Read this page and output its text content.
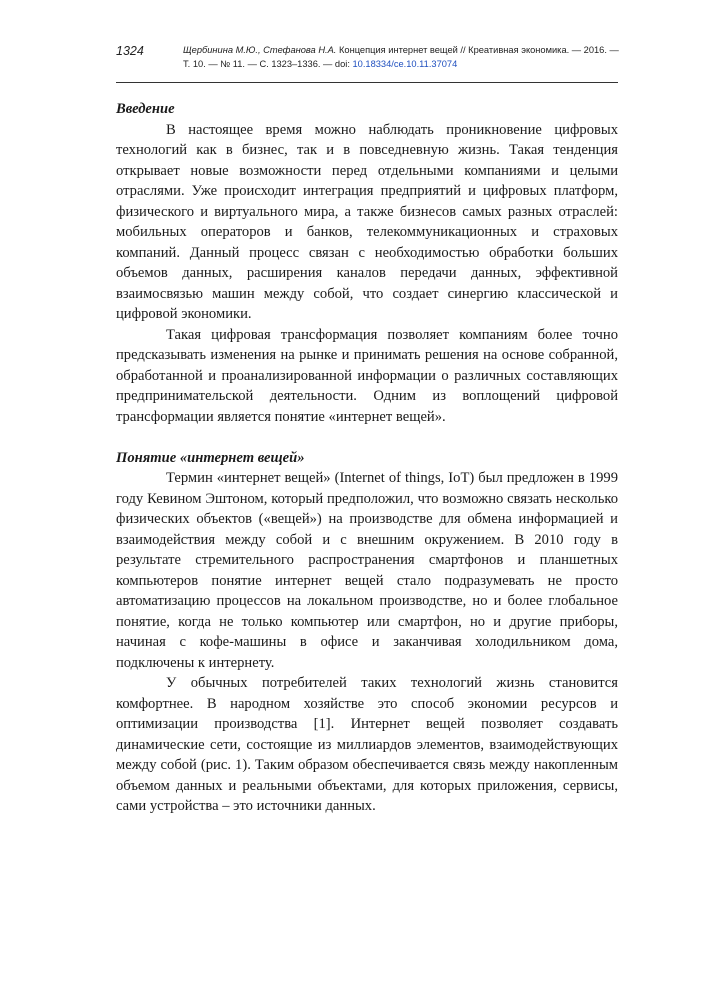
1324	Щербинина М.Ю., Стефанова Н.А. Концепция интернет вещей // Креативная экономика. — 2016. — Т. 10. — № 11. — С. 1323–1336. — doi: 10.18334/ce.10.11.37074
Введение

В настоящее время можно наблюдать проникновение цифровых технологий как в бизнес, так и в повседневную жизнь. Такая тенденция открывает новые возможности перед отдельными компаниями и целыми отраслями. Уже происходит интеграция предприятий и цифровых платформ, физического и виртуального мира, а также бизнесов самых разных отраслей: мобильных операторов и банков, телекоммуникационных и страховых компаний. Данный процесс связан с необходимостью обработки больших объемов данных, расширения каналов передачи данных, эффективной взаимосвязью машин между собой, что создает синергию классической и цифровой экономики.

Такая цифровая трансформация позволяет компаниям более точно предсказывать изменения на рынке и принимать решения на основе собранной, обработанной и проанализированной информации о различных составляющих предпринимательской деятельности. Одним из воплощений цифровой трансформации является понятие «интернет вещей».

Понятие «интернет вещей»

Термин «интернет вещей» (Internet of things, IoT) был предложен в 1999 году Кевином Эштоном, который предположил, что возможно связать несколько физических объектов («вещей») на производстве для обмена информацией и взаимодействия между собой и с внешним окружением. В 2010 году в результате стремительного распространения смартфонов и планшетных компьютеров понятие интернет вещей стало подразумевать не просто автоматизацию процессов на локальном производстве, но и более глобальное понятие, когда не только компьютер или смартфон, но и другие приборы, начиная с кофе-машины в офисе и заканчивая холодильником дома, подключены к интернету.

У обычных потребителей таких технологий жизнь становится комфортнее. В народном хозяйстве это способ экономии ресурсов и оптимизации производства [1]. Интернет вещей позволяет создавать динамические сети, состоящие из миллиардов элементов, взаимодействующих между собой (рис. 1). Таким образом обеспечивается связь между накопленным объемом данных и реальными объектами, для которых приложения, сервисы, сами устройства – это источники данных.
